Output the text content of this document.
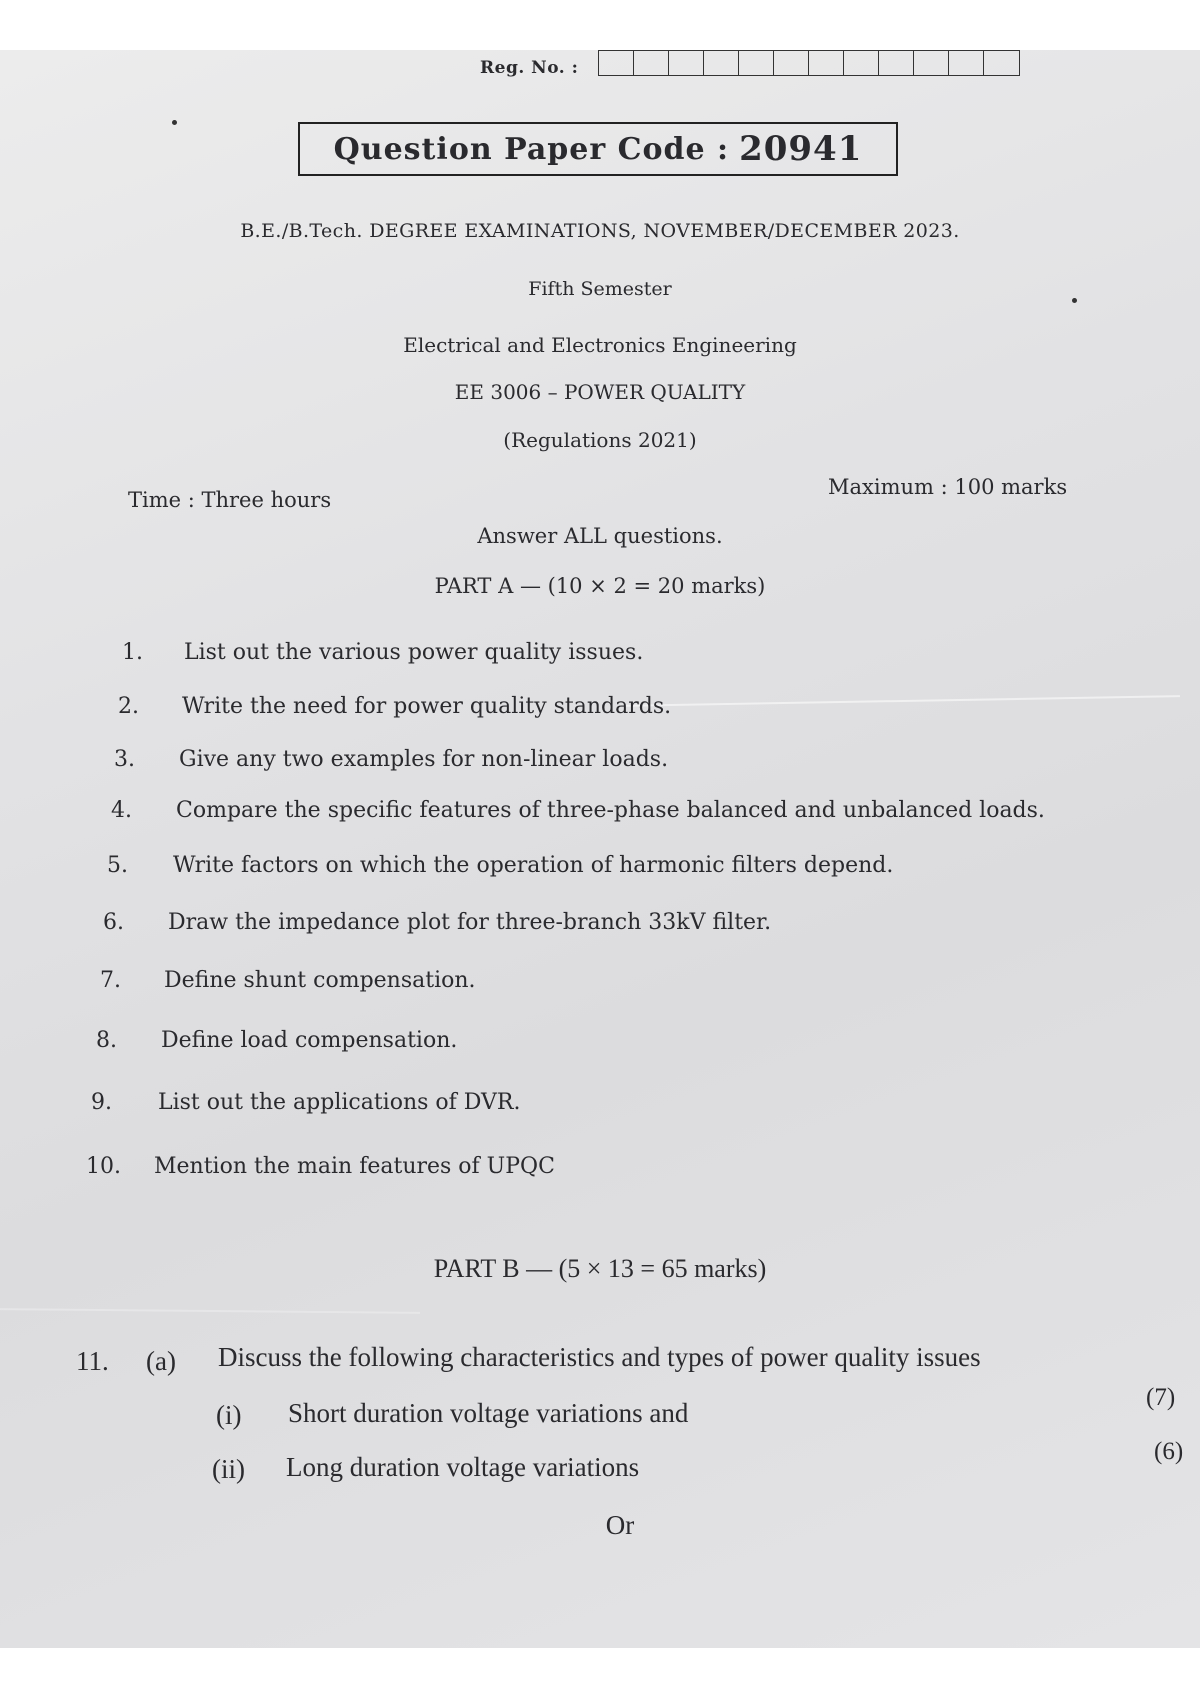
Reg. No. :
Question Paper Code : 20941
B.E./B.Tech. DEGREE EXAMINATIONS, NOVEMBER/DECEMBER 2023.
Fifth Semester
Electrical and Electronics Engineering
EE 3006 – POWER QUALITY
(Regulations 2021)
Time : Three hours
Maximum : 100 marks
Answer ALL questions.
PART A — (10 × 2 = 20 marks)
1. List out the various power quality issues.
2. Write the need for power quality standards.
3. Give any two examples for non-linear loads.
4. Compare the specific features of three-phase balanced and unbalanced loads.
5. Write factors on which the operation of harmonic filters depend.
6. Draw the impedance plot for three-branch 33kV filter.
7. Define shunt compensation.
8. Define load compensation.
9. List out the applications of DVR.
10. Mention the main features of UPQC
PART B — (5 × 13 = 65 marks)
11. (a) Discuss the following characteristics and types of power quality issues
(i) Short duration voltage variations and
(7)
(ii) Long duration voltage variations
(6)
Or
